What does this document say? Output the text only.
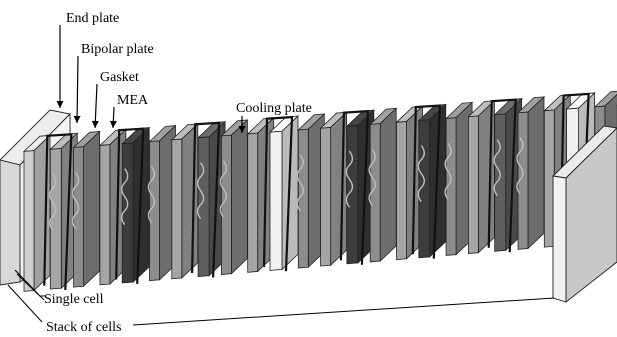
End plate
Bipolar plate
Gasket
MEA
Cooling plate
Single cell
Stack of cells
